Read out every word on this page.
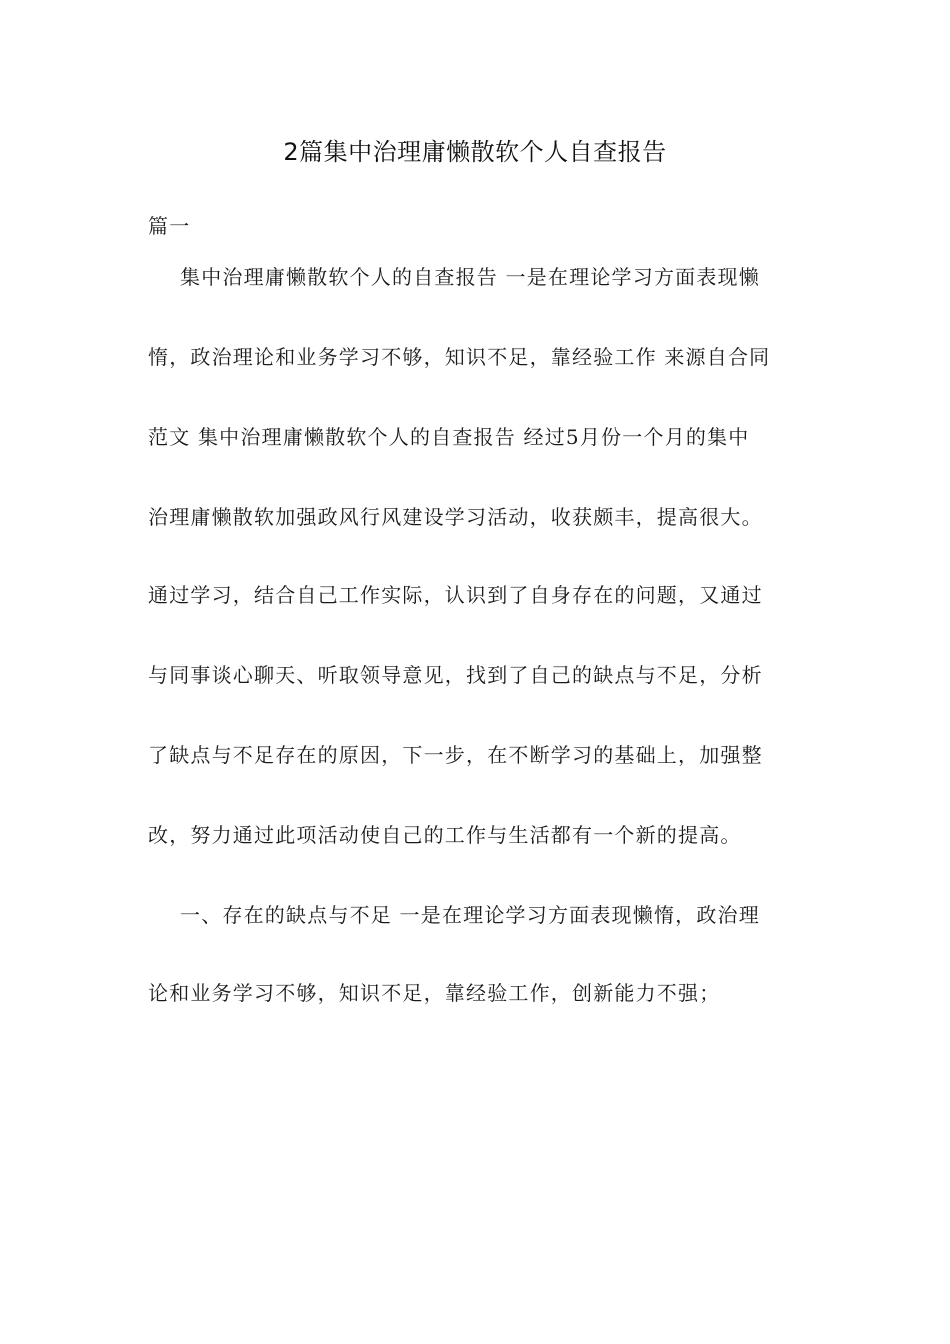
2篇集中治理庸懒散软个人自查报告
篇一
集中治理庸懒散软个人的自查报告 一是在理论学习方面表现懒
惰，政治理论和业务学习不够，知识不足，靠经验工作 来源自合同
范文 集中治理庸懒散软个人的自查报告 经过5月份一个月的集中
治理庸懒散软加强政风行风建设学习活动，收获颇丰，提高很大。
通过学习，结合自己工作实际，认识到了自身存在的问题，又通过
与同事谈心聊天、听取领导意见，找到了自己的缺点与不足，分析
了缺点与不足存在的原因，下一步，在不断学习的基础上，加强整
改，努力通过此项活动使自己的工作与生活都有一个新的提高。
一、存在的缺点与不足 一是在理论学习方面表现懒惰，政治理
论和业务学习不够，知识不足，靠经验工作，创新能力不强；
